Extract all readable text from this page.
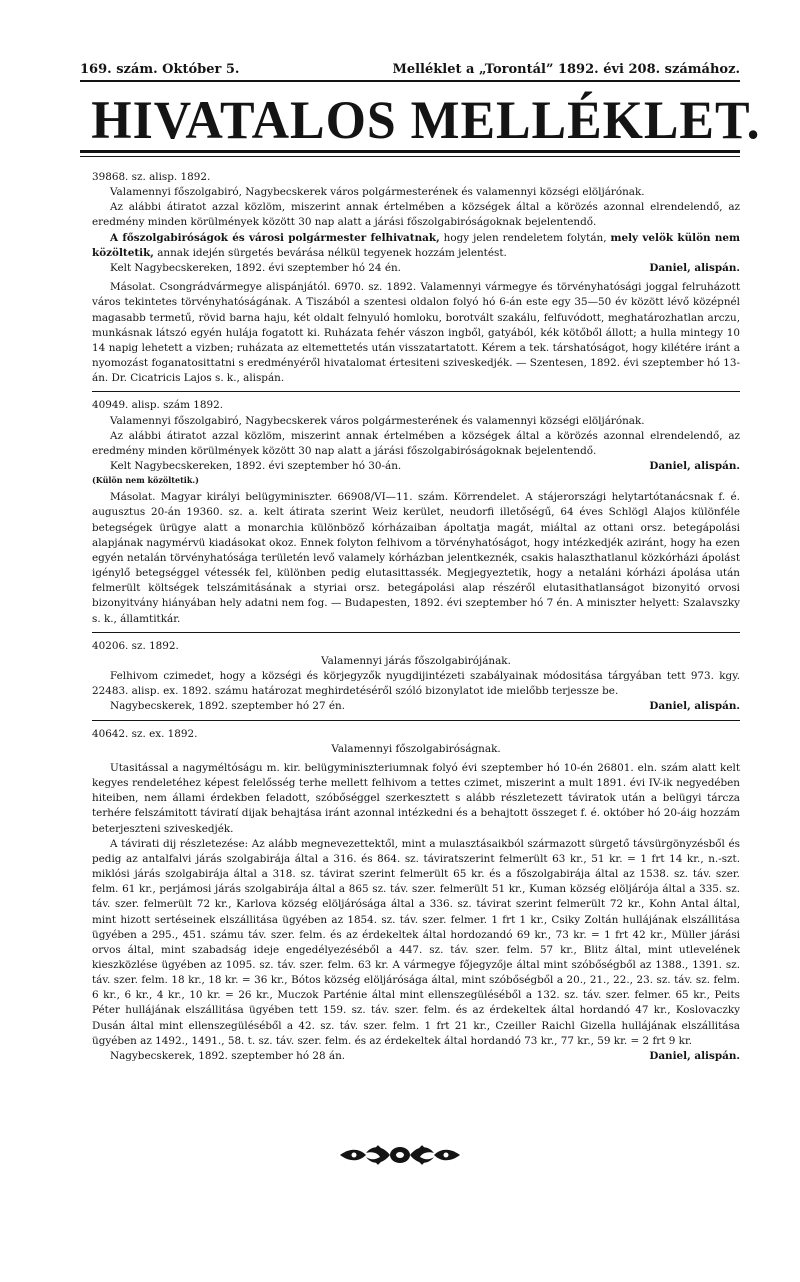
169. szám. Október 5.	Melléklet a „Torontál” 1892. évi 208. számához.
HIVATALOS MELLÉKLET.

39868. sz. alisp. 1892.

Valamennyi főszolgabiró, Nagybecskerek város polgármesterének és valamennyi községi elöljárónak.

Az alábbi átiratot azzal közlöm, miszerint annak értelmében a községek által a körözés azonnal elrendelendő, az eredmény minden körülmények között 30 nap alatt a járási főszolgabiróságoknak bejelentendő.

A főszolgabiróságok és városi polgármester felhivatnak, hogy jelen rendeletem folytán, mely velök külön nem közöltetik, annak idején sürgetés bevárása nélkül tegyenek hozzám jelentést.

Kelt Nagybecskereken, 1892. évi szeptember hó 24 én.	Daniel, alispán.

Másolat. Csongrádvármegye alispánjától. 6970. sz. 1892. Valamennyi vármegye és törvényhatósági joggal felruházott város tekintetes törvényhatóságának. A Tiszából a szentesi oldalon folyó hó 6-án este egy 35—50 év között lévő középnél magasabb termetű, rövid barna haju, két oldalt felnyuló homloku, borotvált szakálu, felfuvódott, meghatározhatlan arczu, munkásnak látszó egyén hulája fogatott ki. Ruházata fehér vászon ingből, gatyából, kék kötőből állott; a hulla mintegy 10 14 napig lehetett a vizben; ruházata az eltemettetés után visszatartatott. Kérem a tek. társhatóságot, hogy kilétére iránt a nyomozást foganatosittatni s eredményéről hivatalomat értesiteni sziveskedjék. — Szentesen, 1892. évi szeptember hó 13-án. Dr. Cicatricis Lajos s. k., alispán.

40949. alisp. szám 1892.

Valamennyi főszolgabiró, Nagybecskerek város polgármesterének és valamennyi községi elöljárónak.

Az alábbi átiratot azzal közlöm, miszerint annak értelmében a községek által a körözés azonnal elrendelendő, az eredmény minden körülmények között 30 nap alatt a járási főszolgabiróságoknak bejelentendő.

Kelt Nagybecskereken, 1892. évi szeptember hó 30-án.	Daniel, alispán.

(Külön nem közöltetik.)

Másolat. Magyar királyi belügyminiszter. 66908/VI—11. szám. Körrendelet. A stájerországi helytartótanácsnak f. é. augusztus 20-án 19360. sz. a. kelt átirata szerint Weiz kerület, neudorfi illetőségű, 64 éves Schlögl Alajos különféle betegségek ürügye alatt a monarchia különböző kórházaiban ápoltatja magát, miáltal az ottani orsz. betegápolási alapjának nagymérvü kiadásokat okoz. Ennek folyton felhivom a törvényhatóságot, hogy intézkedjék aziránt, hogy ha ezen egyén netalán törvényhatósága területén levő valamely kórházban jelentkeznék, csakis halaszthatlanul közkórházi ápolást igénylő betegséggel vétessék fel, különben pedig elutasittassék. Megjegyeztetik, hogy a netaláni kórházi ápolása után felmerült költségek telszámitásának a styriai orsz. betegápolási alap részéről elutasithatlanságot bizonyitó orvosi bizonyitvány hiányában hely adatni nem fog. — Budapesten, 1892. évi szeptember hó 7 én. A miniszter helyett: Szalavszky s. k., államtitkár.

40206. sz. 1892.

Valamennyi járás főszolgabirójának.

Felhivom czimedet, hogy a községi és körjegyzők nyugdijintézeti szabályainak módositása tárgyában tett 973. kgy. 22483. alisp. ex. 1892. számu határozat meghirdetéséről szóló bizonylatot ide mielőbb terjessze be.

Nagybecskerek, 1892. szeptember hó 27 én.	Daniel, alispán.

40642. sz. ex. 1892.

Valamennyi főszolgabiróságnak.

Utasitással a nagyméltóságu m. kir. belügyminiszteriumnak folyó évi szeptember hó 10-én 26801. eln. szám alatt kelt kegyes rendeletéhez képest felelősség terhe mellett felhivom a tettes czimet, miszerint a mult 1891. évi IV-ik negyedében hiteiben, nem állami érdekben feladott, szóbőséggel szerkesztett s alább részletezett táviratok után a belügyi tárcza terhére felszámitott táviratí dijak behajtása iránt azonnal intézkedni és a behajtott összeget f. é. október hó 20-áig hozzám beterjeszteni sziveskedjék.

A távirati dij részletezése: Az alább megnevezettektől, mint a mulasztásaikból származott sürgető távsürgönyzésből és pedig az antalfalvi járás szolgabirája által a 316. és 864. sz. táviratszerint felmerült 63 kr., 51 kr. = 1 frt 14 kr., n.-szt. miklósi járás szolgabirája által a 318. sz. távirat szerint felmerült 65 kr. és a főszolgabirája által az 1538. sz. táv. szer. felm. 61 kr., perjámosi járás szolgabirája által a 865 sz. táv. szer. felmerült 51 kr., Kuman község elöljárója által a 335. sz. táv. szer. felmerült 72 kr., Karlova község elöljárósága által a 336. sz. távirat szerint felmerült 72 kr., Kohn Antal által, mint hizott sertéseinek elszállitása ügyében az 1854. sz. táv. szer. felmer. 1 frt 1 kr., Csiky Zoltán hullájának elszállitása ügyében a 295., 451. számu táv. szer. felm. és az érdekeltek által hordozandó 69 kr., 73 kr. = 1 frt 42 kr., Müller járási orvos által, mint szabadság ideje engedélyezéséből a 447. sz. táv. szer. felm. 57 kr., Blitz által, mint utlevelének kieszközlése ügyében az 1095. sz. táv. szer. felm. 63 kr. A vármegye főjegyzője által mint szóbőségből az 1388., 1391. sz. táv. szer. felm. 18 kr., 18 kr. = 36 kr., Bótos község elöljárósága által, mint szóbőségből a 20., 21., 22., 23. sz. táv. sz. felm. 6 kr., 6 kr., 4 kr., 10 kr. = 26 kr., Muczok Parténie által mint ellenszegüléséből a 132. sz. táv. szer. felmer. 65 kr., Peits Péter hullájának elszállitása ügyében tett 159. sz. táv. szer. felm. és az érdekeltek által hordandó 47 kr., Koslovaczky Dusán által mint ellenszegüléséből a 42. sz. táv. szer. felm. 1 frt 21 kr., Czeiller Raichl Gizella hullájának elszállitása ügyében az 1492., 1491., 58. t. sz. táv. szer. felm. és az érdekeltek által hordandó 73 kr., 77 kr., 59 kr. = 2 frt 9 kr.

Nagybecskerek, 1892. szeptember hó 28 án.	Daniel, alispán.
